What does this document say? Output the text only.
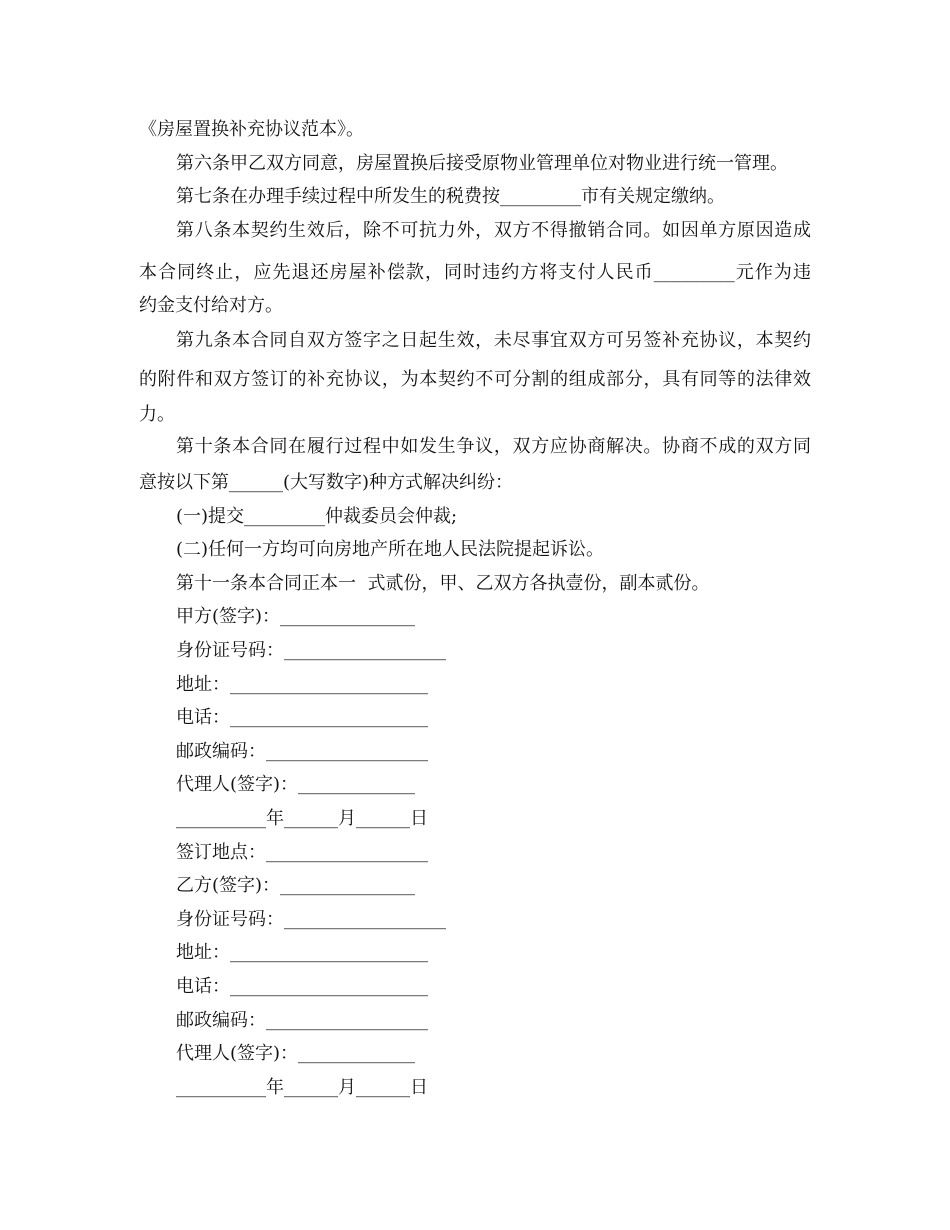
《房屋置换补充协议范本》。
第六条甲乙双方同意，房屋置换后接受原物业管理单位对物业进行统一管理。
第七条在办理手续过程中所发生的税费按_________市有关规定缴纳。
第八条本契约生效后，除不可抗力外，双方不得撤销合同。如因单方原因造成
本合同终止，应先退还房屋补偿款，同时违约方将支付人民币_________元作为违
约金支付给对方。
第九条本合同自双方签字之日起生效，未尽事宜双方可另签补充协议，本契约
的附件和双方签订的补充协议，为本契约不可分割的组成部分，具有同等的法律效
力。
第十条本合同在履行过程中如发生争议，双方应协商解决。协商不成的双方同
意按以下第______(大写数字)种方式解决纠纷：
(一)提交_________仲裁委员会仲裁;
(二)任何一方均可向房地产所在地人民法院提起诉讼。
第十一条本合同正本一  式贰份，甲、乙双方各执壹份，副本贰份。
甲方(签字)：_______________
身份证号码：__________________
地址：______________________
电话：______________________
邮政编码：__________________
代理人(签字)：_____________
__________年______月______日
签订地点：__________________
乙方(签字)：_______________
身份证号码：__________________
地址：______________________
电话：______________________
邮政编码：__________________
代理人(签字)：_____________
__________年______月______日
